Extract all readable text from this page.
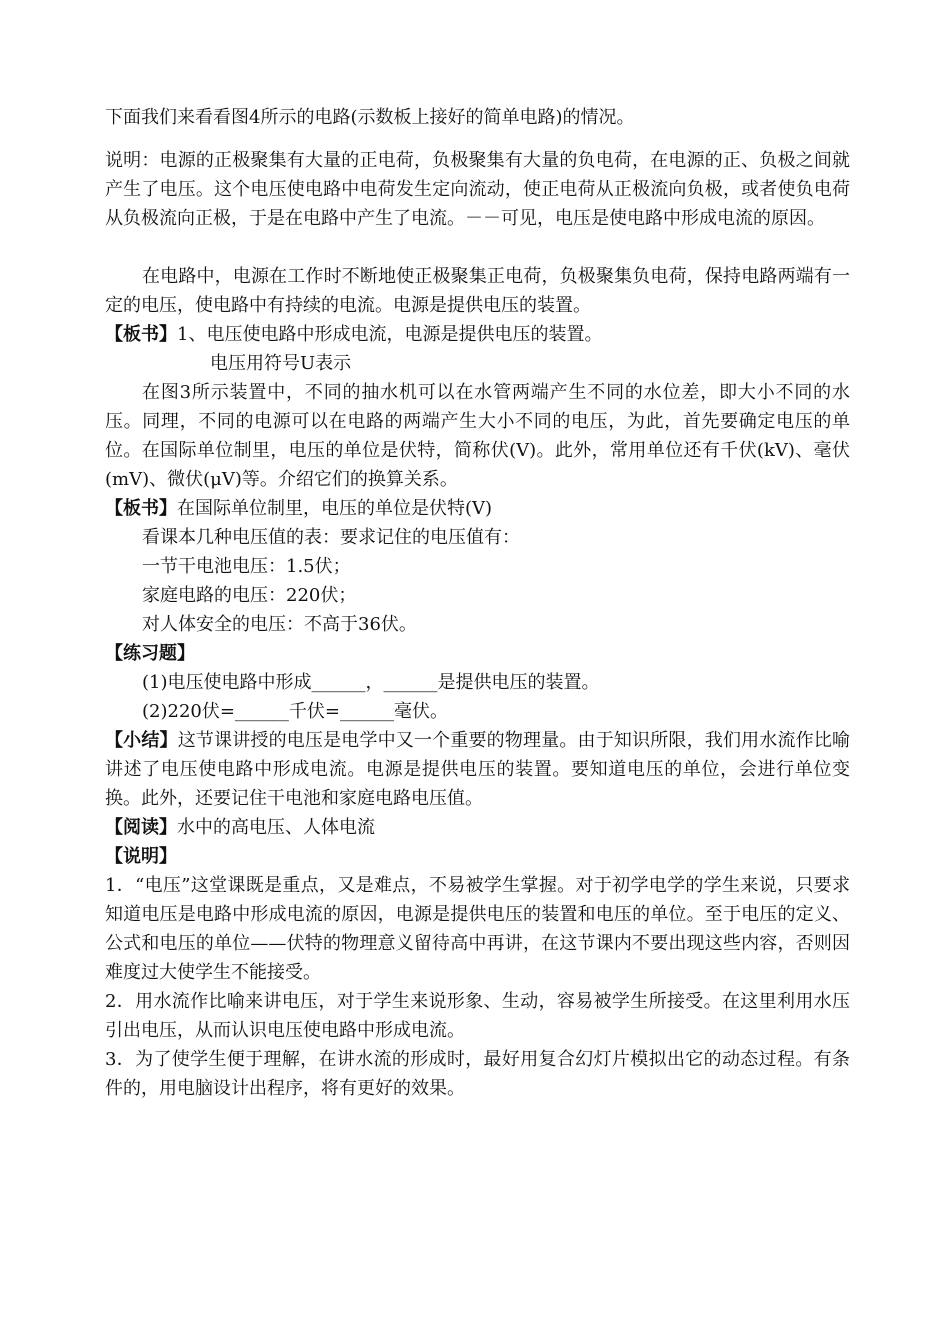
下面我们来看看图4所示的电路(示数板上接好的简单电路)的情况。
说明：电源的正极聚集有大量的正电荷，负极聚集有大量的负电荷，在电源的正、负极之间就产生了电压。这个电压使电路中电荷发生定向流动，使正电荷从正极流向负极，或者使负电荷从负极流向正极，于是在电路中产生了电流。－－可见，电压是使电路中形成电流的原因。
在电路中，电源在工作时不断地使正极聚集正电荷，负极聚集负电荷，保持电路两端有一定的电压，使电路中有持续的电流。电源是提供电压的装置。
【板书】1、电压使电路中形成电流，电源是提供电压的装置。
电压用符号U表示
在图3所示装置中，不同的抽水机可以在水管两端产生不同的水位差，即大小不同的水压。同理，不同的电源可以在电路的两端产生大小不同的电压，为此，首先要确定电压的单位。在国际单位制里，电压的单位是伏特，简称伏(V)。此外，常用单位还有千伏(kV)、毫伏(mV)、微伏(μV)等。介绍它们的换算关系。
【板书】在国际单位制里，电压的单位是伏特(V)
看课本几种电压值的表：要求记住的电压值有：
一节干电池电压：1.5伏；
家庭电路的电压：220伏；
对人体安全的电压：不高于36伏。
【练习题】
(1)电压使电路中形成______，______是提供电压的装置。
(2)220伏=______千伏=______毫伏。
【小结】这节课讲授的电压是电学中又一个重要的物理量。由于知识所限，我们用水流作比喻讲述了电压使电路中形成电流。电源是提供电压的装置。要知道电压的单位，会进行单位变换。此外，还要记住干电池和家庭电路电压值。
【阅读】水中的高电压、人体电流
【说明】
1．“电压”这堂课既是重点，又是难点，不易被学生掌握。对于初学电学的学生来说，只要求知道电压是电路中形成电流的原因，电源是提供电压的装置和电压的单位。至于电压的定义、公式和电压的单位——伏特的物理意义留待高中再讲，在这节课内不要出现这些内容，否则因难度过大使学生不能接受。
2．用水流作比喻来讲电压，对于学生来说形象、生动，容易被学生所接受。在这里利用水压引出电压，从而认识电压使电路中形成电流。
3．为了使学生便于理解，在讲水流的形成时，最好用复合幻灯片模拟出它的动态过程。有条件的，用电脑设计出程序，将有更好的效果。
